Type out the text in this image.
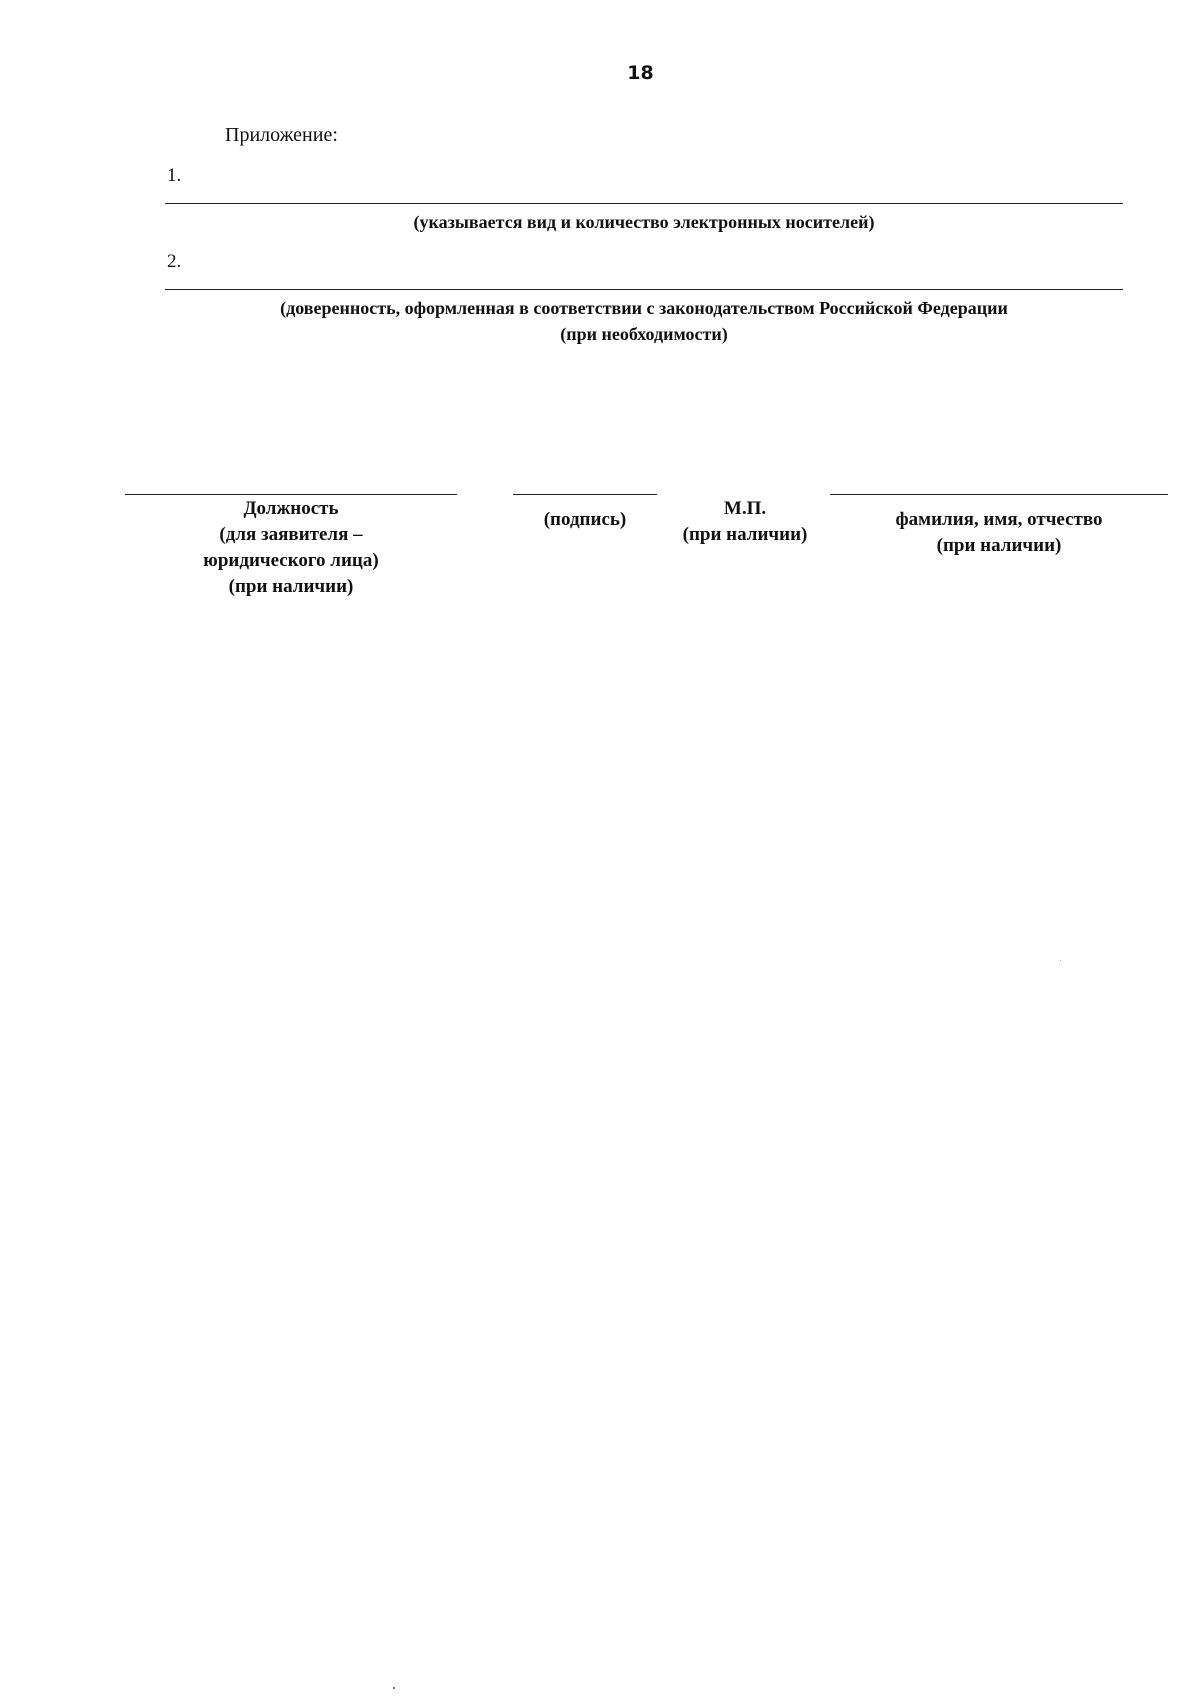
18
Приложение:
1.
(указывается вид и количество электронных носителей)
2.
(доверенность, оформленная в соответствии с законодательством Российской Федерации
(при необходимости)
Должность
(для заявителя –
юридического лица)
(при наличии)
(подпись)
М.П.
(при наличии)
фамилия, имя, отчество
(при наличии)
